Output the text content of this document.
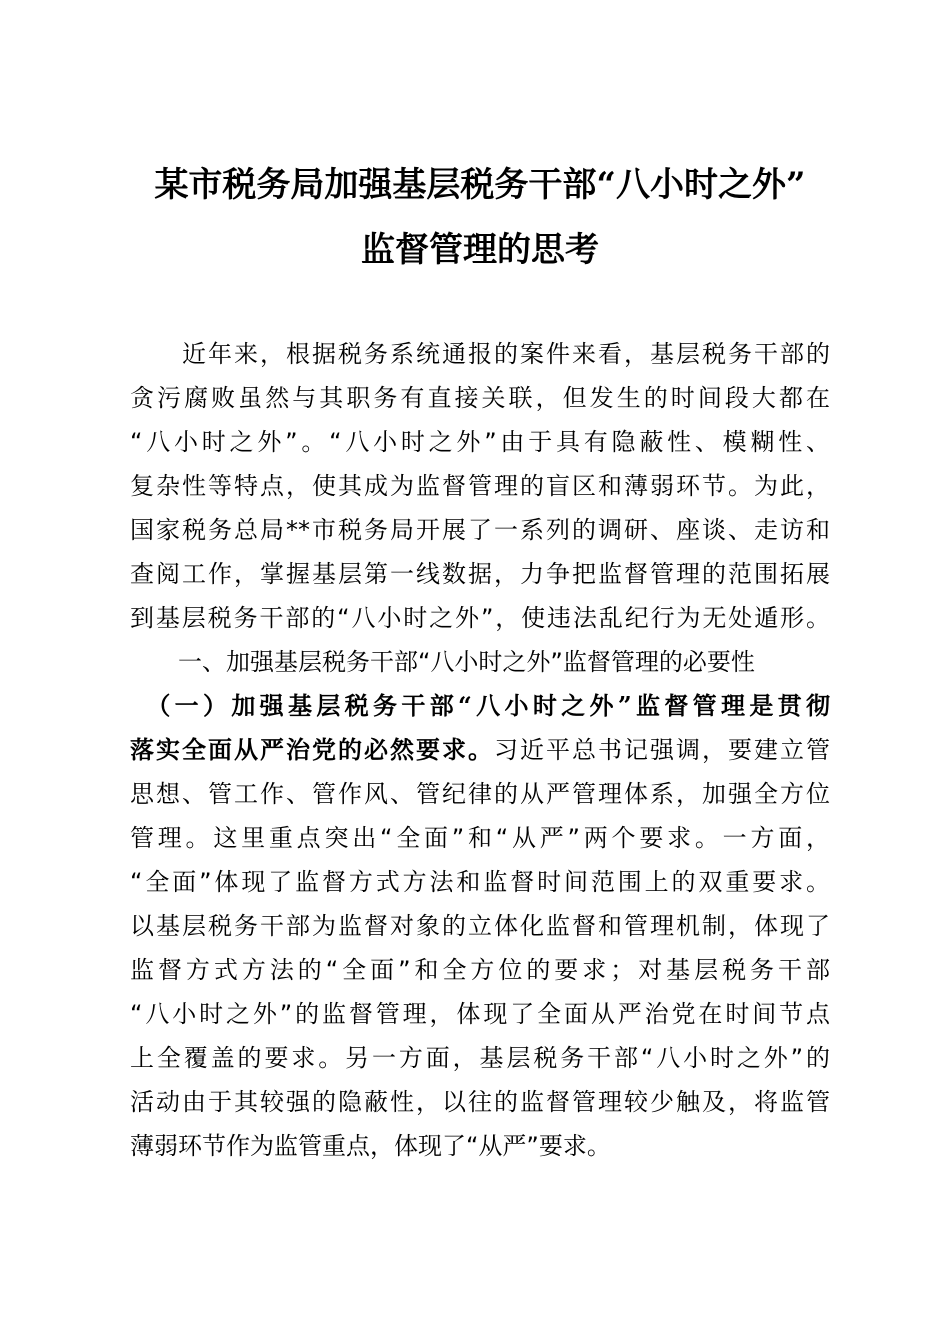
某市税务局加强基层税务干部“八小时之外”
监督管理的思考
　　近年来，根据税务系统通报的案件来看，基层税务干部的
贪污腐败虽然与其职务有直接关联，但发生的时间段大都在
“八小时之外”。“八小时之外”由于具有隐蔽性、模糊性、
复杂性等特点，使其成为监督管理的盲区和薄弱环节。为此，
国家税务总局**市税务局开展了一系列的调研、座谈、走访和
查阅工作，掌握基层第一线数据，力争把监督管理的范围拓展
到基层税务干部的“八小时之外”，使违法乱纪行为无处遁形。
　　一、加强基层税务干部“八小时之外”监督管理的必要性
　（一）加强基层税务干部“八小时之外”监督管理是贯彻
落实全面从严治党的必然要求。习近平总书记强调，要建立管
思想、管工作、管作风、管纪律的从严管理体系，加强全方位
管理。这里重点突出“全面”和“从严”两个要求。一方面，
“全面”体现了监督方式方法和监督时间范围上的双重要求。
以基层税务干部为监督对象的立体化监督和管理机制，体现了
监督方式方法的“全面”和全方位的要求；对基层税务干部
“八小时之外”的监督管理，体现了全面从严治党在时间节点
上全覆盖的要求。另一方面，基层税务干部“八小时之外”的
活动由于其较强的隐蔽性，以往的监督管理较少触及，将监管
薄弱环节作为监管重点，体现了“从严”要求。
